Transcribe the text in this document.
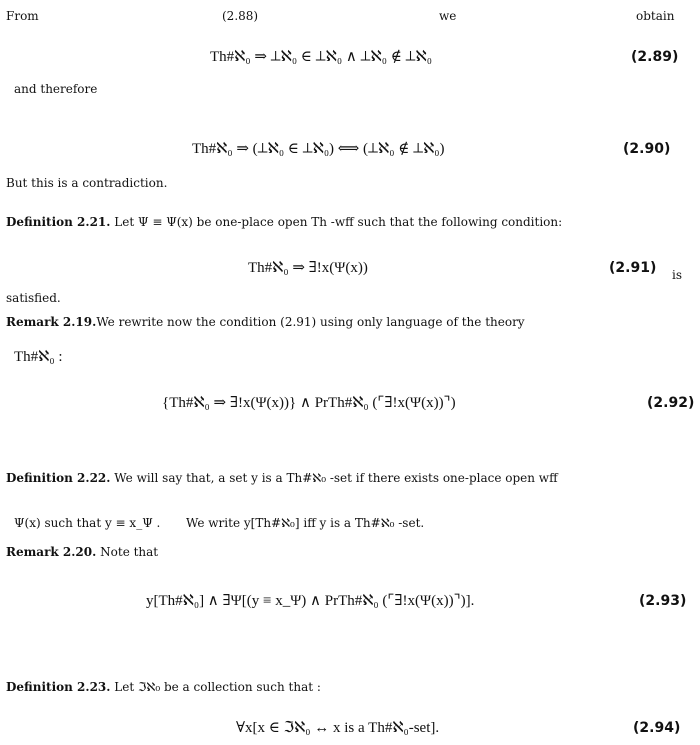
From	(2.88)	we	obtain
Th#ℵ₀ ⇒ ⟂ℵ₀ ∈ ⟂ℵ₀ ∧ ⟂ℵ₀ ∉ ⟂ℵ₀	(2.89)
and therefore
Th#ℵ₀ ⇒ (⟂ℵ₀ ∈ ⟂ℵ₀) ⟺ (⟂ℵ₀ ∉ ⟂ℵ₀)	(2.90)
But this is a contradiction.
Definition 2.21. Let Ψ ≡ Ψ(x) be one-place open Th -wff such that the following condition:
Th#ℵ₀ ⇒ ∃!x(Ψ(x))	(2.91) is
satisfied.
Remark 2.19.We rewrite now the condition (2.91) using only language of the theory
Th#ℵ₀ :
{Th#ℵ₀ ⇒ ∃!x(Ψ(x))} ∧ PrTh#ℵ₀ (⌜∃!x(Ψ(x))⌝)	(2.92)
Definition 2.22. We will say that, a set y is a Th#ℵ₀ -set if there exists one-place open wff
Ψ(x) such that y ≡ x_Ψ . We write y[Th#ℵ₀] iff y is a Th#ℵ₀ -set.
Remark 2.20. Note that
y[Th#ℵ₀] ∧ ∃Ψ[(y ≡ x_Ψ) ∧ PrTh#ℵ₀ (⌜∃!x(Ψ(x))⌝)].	(2.93)
Definition 2.23. Let ℑℵ₀ be a collection such that :
∀x[x ∈ ℑℵ₀ ↔ x is a Th#ℵ₀-set].	(2.94)
